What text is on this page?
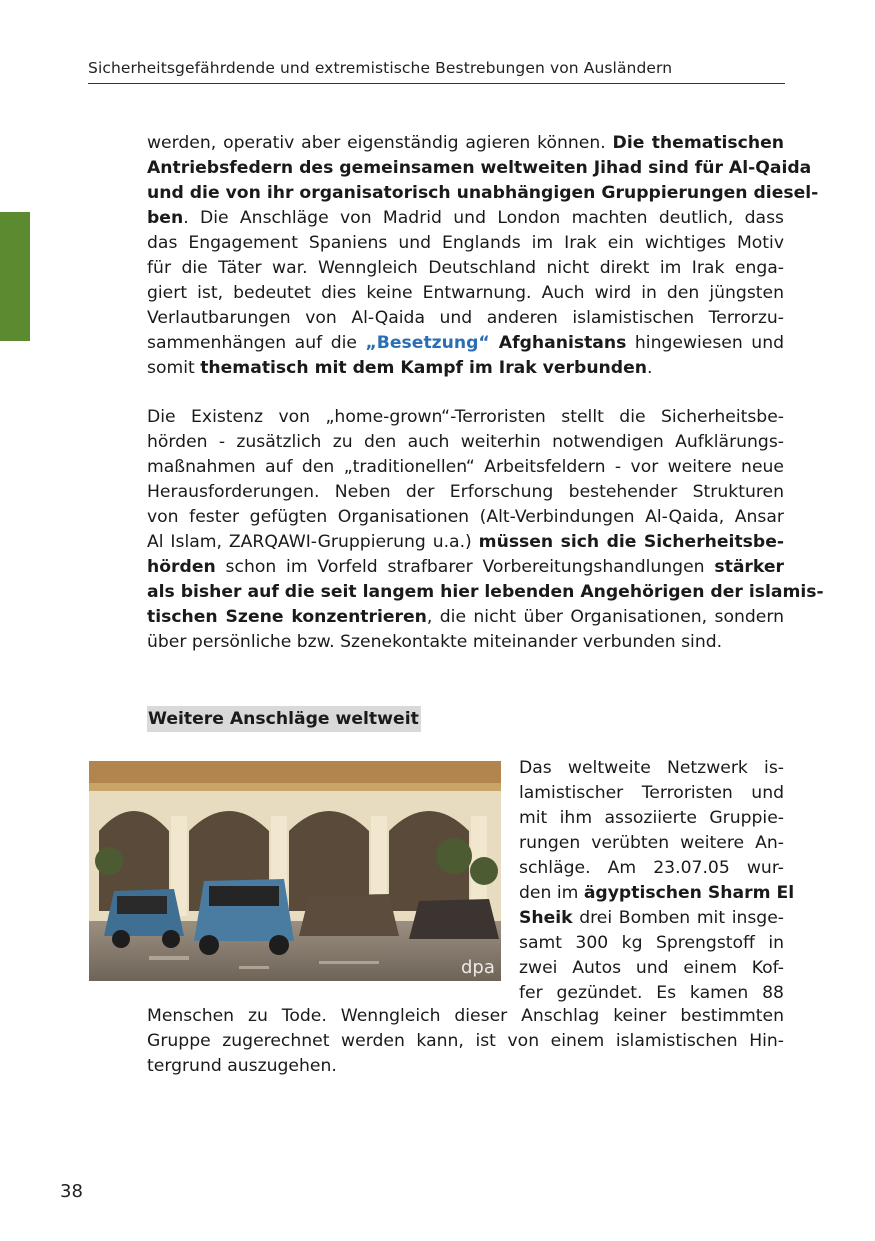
Sicherheitsgefährdende und extremistische Bestrebungen von Ausländern
werden, operativ aber eigenständig agieren können. Die thematischen
Antriebsfedern des gemeinsamen weltweiten Jihad sind für Al-Qaida
und die von ihr organisatorisch unabhängigen Gruppierungen diesel-
ben. Die Anschläge von Madrid und London machten deutlich, dass
das Engagement Spaniens und Englands im Irak ein wichtiges Motiv
für die Täter war. Wenngleich Deutschland nicht direkt im Irak enga-
giert ist, bedeutet dies keine Entwarnung. Auch wird in den jüngsten
Verlautbarungen von Al-Qaida und anderen islamistischen Terrorzu-
sammenhängen auf die „Besetzung“ Afghanistans hingewiesen und
somit thematisch mit dem Kampf im Irak verbunden.
Die Existenz von „home-grown“-Terroristen stellt die Sicherheitsbe-
hörden - zusätzlich zu den auch weiterhin notwendigen Aufklärungs-
maßnahmen auf den „traditionellen“ Arbeitsfeldern - vor weitere neue
Herausforderungen. Neben der Erforschung bestehender Strukturen
von fester gefügten Organisationen (Alt-Verbindungen Al-Qaida, Ansar
Al Islam, ZARQAWI-Gruppierung u.a.) müssen sich die Sicherheitsbe-
hörden schon im Vorfeld strafbarer Vorbereitungshandlungen stärker
als bisher auf die seit langem hier lebenden Angehörigen der islamis-
tischen Szene konzentrieren, die nicht über Organisationen, sondern
über persönliche bzw. Szenekontakte miteinander verbunden sind.
Weitere Anschläge weltweit
dpa
Das weltweite Netzwerk is-
lamistischer Terroristen und
mit ihm assoziierte Gruppie-
rungen verübten weitere An-
schläge. Am 23.07.05 wur-
den im ägyptischen Sharm El
Sheik drei Bomben mit insge-
samt 300 kg Sprengstoff in
zwei Autos und einem Kof-
fer gezündet. Es kamen 88
Menschen zu Tode. Wenngleich dieser Anschlag keiner bestimmten
Gruppe zugerechnet werden kann, ist von einem islamistischen Hin-
tergrund auszugehen.
38
